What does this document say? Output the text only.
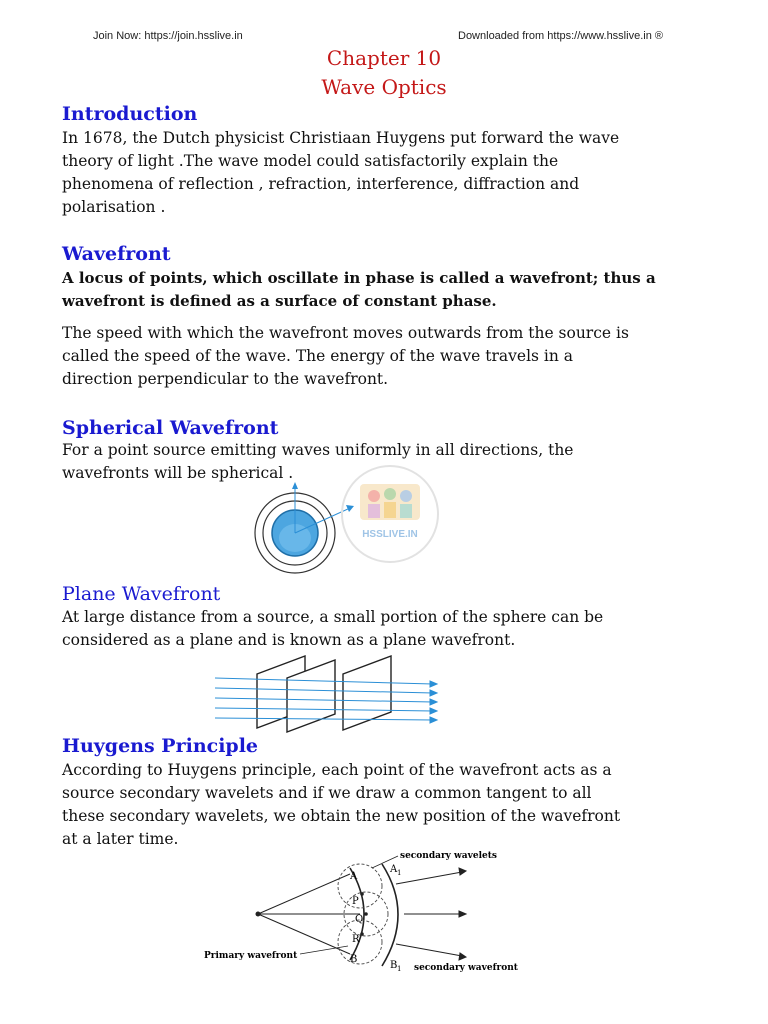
Join Now: https://join.hsslive.in	Downloaded from https://www.hsslive.in ®
Chapter 10
Wave Optics
Introduction
In 1678, the Dutch physicist Christiaan Huygens put forward the wave
theory of light .The wave model could satisfactorily explain the
phenomena of reflection , refraction, interference, diffraction and
polarisation .
Wavefront
A locus of points, which oscillate in phase is called a wavefront; thus a
wavefront is defined as a surface of constant phase.
The speed with which the wavefront moves outwards from the source is
called the speed of the wave. The energy of the wave travels in a
direction perpendicular to the wavefront.
Spherical Wavefront
For a point source emitting waves uniformly in all directions, the
wavefronts will be spherical .
HSSLIVE.IN
Plane Wavefront
At large distance from a source, a small portion of the sphere can be
considered as a plane and is known as a plane wavefront.
Huygens Principle
According to Huygens principle, each point of the wavefront acts as a
source secondary wavelets and if we draw a common tangent to all
these secondary wavelets, we obtain the new position of the wavefront
at a later time.
A
A 1
P
Q
R
B
B 1
secondary wavelets
Primary wavefront
secondary wavefront
